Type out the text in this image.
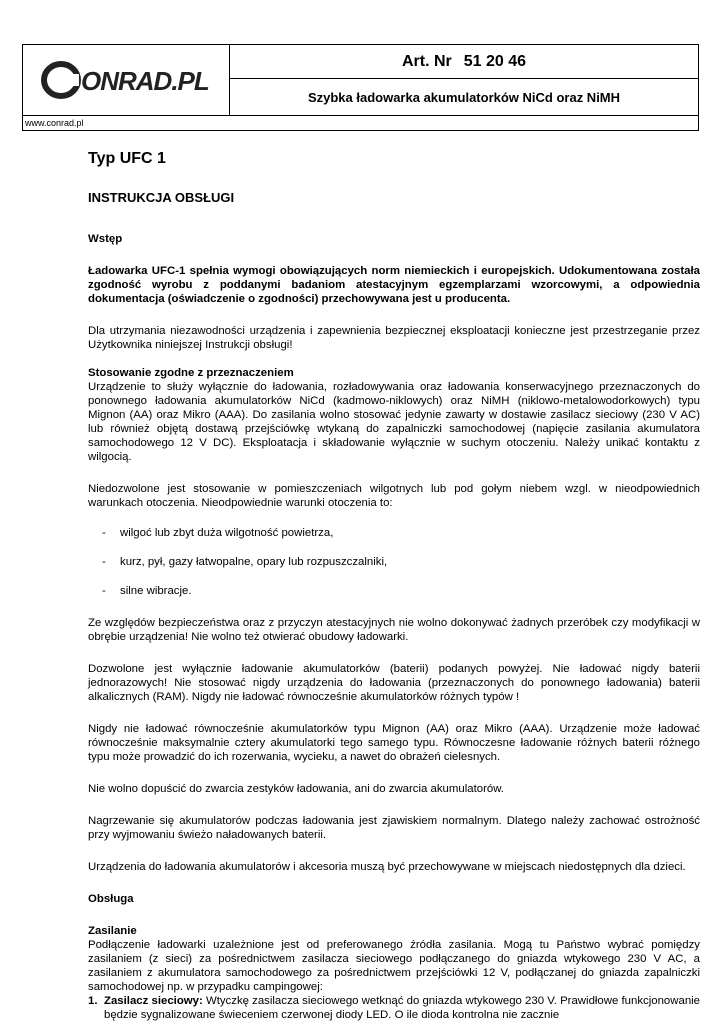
ONRAD.PL
Art. Nr 51 20 46
Szybka ładowarka akumulatorków NiCd oraz NiMH
www.conrad.pl

Typ UFC 1

INSTRUKCJA OBSŁUGI

Wstęp

Ładowarka UFC-1 spełnia wymogi obowiązujących norm niemieckich i europejskich. Udokumentowana została zgodność wyrobu z poddanymi badaniom atestacyjnym egzemplarzami wzorcowymi, a odpowiednia dokumentacja (oświadczenie o zgodności) przechowywana jest u producenta.

Dla utrzymania niezawodności urządzenia i zapewnienia bezpiecznej eksploatacji konieczne jest przestrzeganie przez Użytkownika niniejszej Instrukcji obsługi!

Stosowanie zgodne z przeznaczeniem

Urządzenie to służy wyłącznie do ładowania, rozładowywania oraz ładowania konserwacyjnego przeznaczonych do ponownego ładowania akumulatorków NiCd (kadmowo-niklowych) oraz NiMH (niklowo-metalowodorkowych) typu Mignon (AA) oraz Mikro (AAA). Do zasilania wolno stosować jedynie zawarty w dostawie zasilacz sieciowy (230 V AC) lub również objętą dostawą przejściówkę wtykaną do zapalniczki samochodowej (napięcie zasilania akumulatora samochodowego 12 V DC). Eksploatacja i składowanie wyłącznie w suchym otoczeniu. Należy unikać kontaktu z wilgocią.

Niedozwolone jest stosowanie w pomieszczeniach wilgotnych lub pod gołym niebem wzgl. w nieodpowiednich warunkach otoczenia. Nieodpowiednie warunki otoczenia to:

- wilgoć lub zbyt duża wilgotność powietrza,

- kurz, pył, gazy łatwopalne, opary lub rozpuszczalniki,

- silne wibracje.

Ze względów bezpieczeństwa oraz z przyczyn atestacyjnych nie wolno dokonywać żadnych przeróbek czy modyfikacji w obrębie urządzenia! Nie wolno też otwierać obudowy ładowarki.

Dozwolone jest wyłącznie ładowanie akumulatorków (baterii) podanych powyżej. Nie ładować nigdy baterii jednorazowych! Nie stosować nigdy urządzenia do ładowania (przeznaczonych do ponownego ładowania) baterii alkalicznych (RAM). Nigdy nie ładować równocześnie akumulatorków różnych typów !

Nigdy nie ładować równocześnie akumulatorków typu Mignon (AA) oraz Mikro (AAA). Urządzenie może ładować równocześnie maksymalnie cztery akumulatorki tego samego typu. Równoczesne ładowanie różnych baterii różnego typu może prowadzić do ich rozerwania, wycieku, a nawet do obrażeń cielesnych.

Nie wolno dopuścić do zwarcia zestyków ładowania, ani do zwarcia akumulatorów.

Nagrzewanie się akumulatorów podczas ładowania jest zjawiskiem normalnym. Dlatego należy zachować ostrożność przy wyjmowaniu świeżo naładowanych baterii.

Urządzenia do ładowania akumulatorów i akcesoria muszą być przechowywane w miejscach niedostępnych dla dzieci.

Obsługa

Zasilanie

Podłączenie ładowarki uzależnione jest od preferowanego źródła zasilania. Mogą tu Państwo wybrać pomiędzy zasilaniem (z sieci) za pośrednictwem zasilacza sieciowego podłączanego do gniazda wtykowego 230 V AC, a zasilaniem z akumulatora samochodowego za pośrednictwem przejściówki 12 V, podłączanej do gniazda zapalniczki samochodowej np. w przypadku campingowej:

1. Zasilacz sieciowy: Wtyczkę zasilacza sieciowego wetknąć do gniazda wtykowego 230 V. Prawidłowe funkcjonowanie będzie sygnalizowane świeceniem czerwonej diody LED. O ile dioda kontrolna nie zacznie
